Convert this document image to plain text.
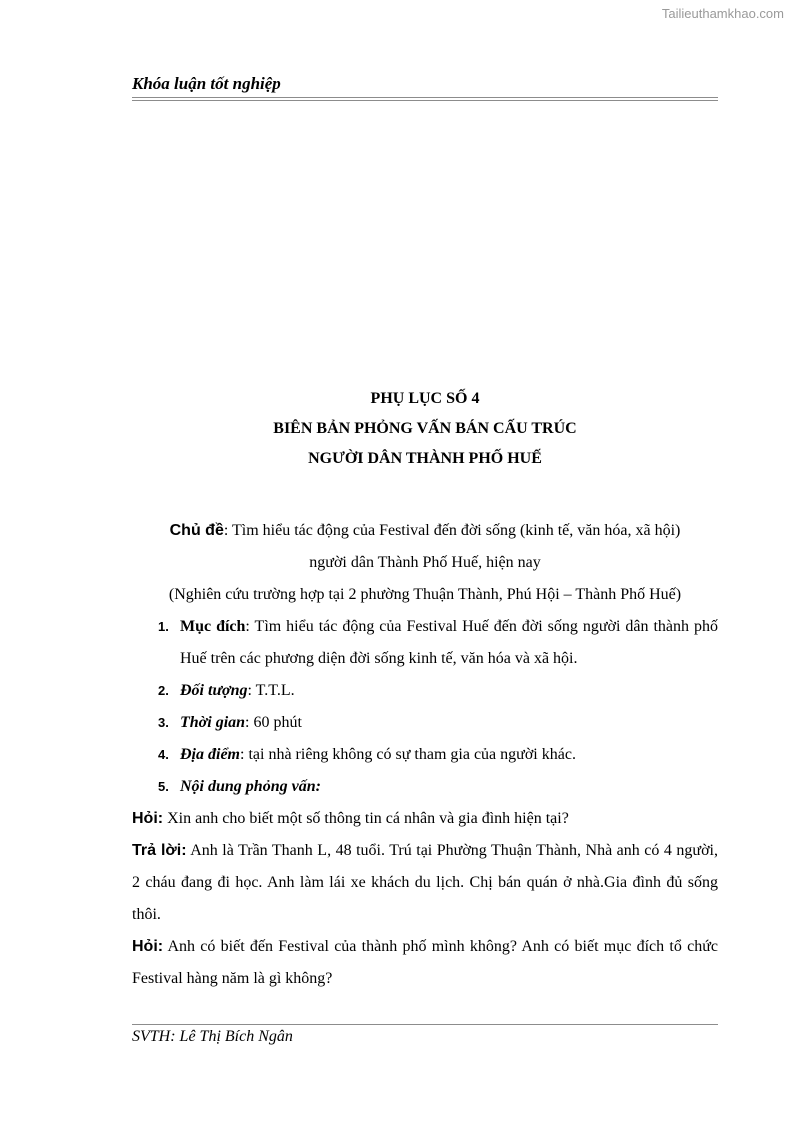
Tailieuthamkhao.com
Khóa luận tốt nghiệp
PHỤ LỤC SỐ 4
BIÊN BẢN PHỎNG VẤN BÁN CẤU TRÚC
NGƯỜI DÂN THÀNH PHỐ HUẾ
Chủ đề: Tìm hiểu tác động của Festival đến đời sống (kinh tế, văn hóa, xã hội)
người dân Thành Phố Huế, hiện nay
(Nghiên cứu trường hợp tại 2 phường Thuận Thành, Phú Hội – Thành Phố Huế)
1. Mục đích: Tìm hiểu tác động của Festival Huế đến đời sống người dân thành phố Huế trên các phương diện đời sống kinh tế, văn hóa và xã hội.
2. Đối tượng: T.T.L.
3. Thời gian: 60 phút
4. Địa điểm: tại nhà riêng không có sự tham gia của người khác.
5. Nội dung phỏng vấn:

Hỏi: Xin anh cho biết một số thông tin cá nhân và gia đình hiện tại?

Trả lời: Anh là Trần Thanh L, 48 tuổi. Trú tại Phường Thuận Thành, Nhà anh có 4 người, 2 cháu đang đi học. Anh làm lái xe khách du lịch. Chị bán quán ở nhà.Gia đình đủ sống thôi.

Hỏi: Anh có biết đến Festival của thành phố mình không? Anh có biết mục đích tổ chức Festival hàng năm là gì không?

SVTH: Lê Thị Bích Ngân
